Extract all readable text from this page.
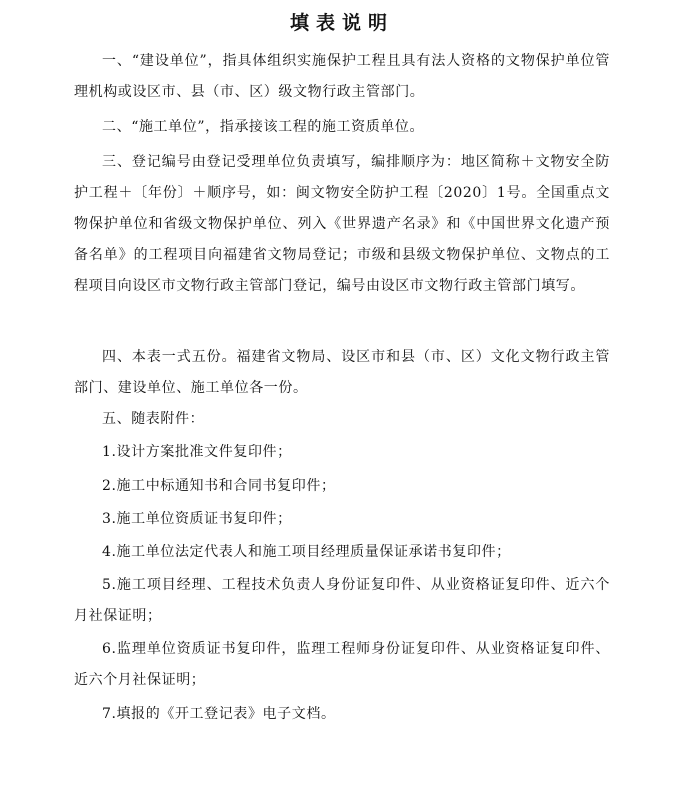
填表说明
一、“建设单位”，指具体组织实施保护工程且具有法人资格的文物保护单位管理机构或设区市、县（市、区）级文物行政主管部门。
二、“施工单位”，指承接该工程的施工资质单位。
三、登记编号由登记受理单位负责填写，编排顺序为：地区简称＋文物安全防护工程＋〔年份〕＋顺序号，如：闽文物安全防护工程〔2020〕1号。全国重点文物保护单位和省级文物保护单位、列入《世界遗产名录》和《中国世界文化遗产预备名单》的工程项目向福建省文物局登记；市级和县级文物保护单位、文物点的工程项目向设区市文物行政主管部门登记，编号由设区市文物行政主管部门填写。
四、本表一式五份。福建省文物局、设区市和县（市、区）文化文物行政主管部门、建设单位、施工单位各一份。
五、随表附件：
1.设计方案批准文件复印件；
2.施工中标通知书和合同书复印件；
3.施工单位资质证书复印件；
4.施工单位法定代表人和施工项目经理质量保证承诺书复印件；
5.施工项目经理、工程技术负责人身份证复印件、从业资格证复印件、近六个月社保证明；
6.监理单位资质证书复印件，监理工程师身份证复印件、从业资格证复印件、近六个月社保证明；
7.填报的《开工登记表》电子文档。
